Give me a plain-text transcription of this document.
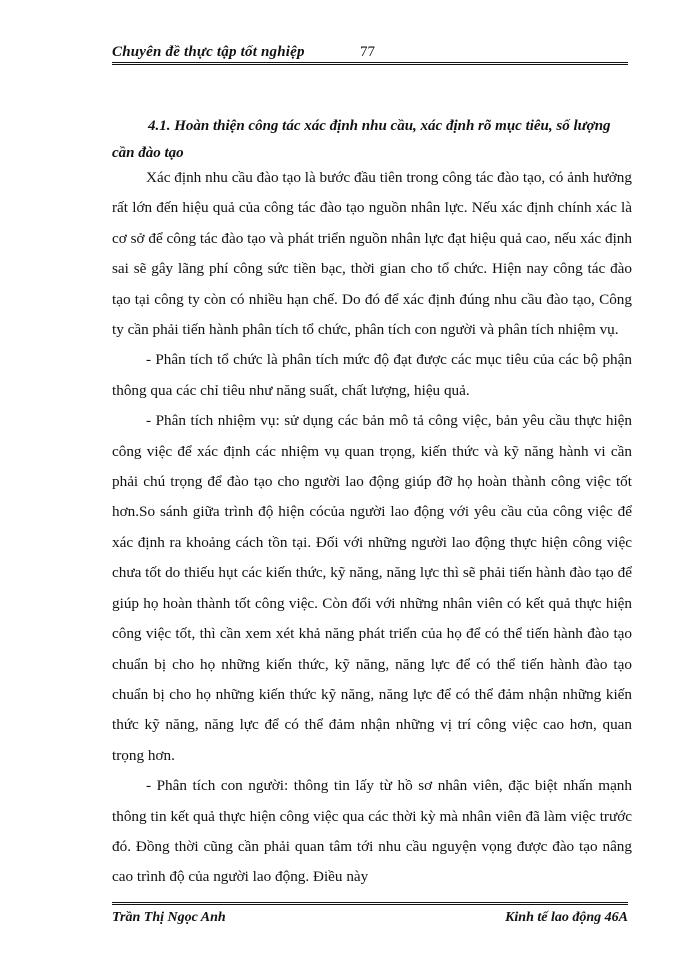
Chuyên đề thực tập tốt nghiệp	77
4.1. Hoàn thiện công tác xác định nhu cầu, xác định rõ mục tiêu, số lượng cần đào tạo

Xác định nhu cầu đào tạo là bước đầu tiên trong công tác đào tạo, có ảnh hưởng rất lớn đến hiệu quả của công tác đào tạo nguồn nhân lực. Nếu xác định chính xác là cơ sở để công tác đào tạo và phát triển nguồn nhân lực đạt hiệu quả cao, nếu xác định sai sẽ gây lãng phí công sức tiền bạc, thời gian cho tổ chức. Hiện nay công tác đào tạo tại công ty còn có nhiều hạn chế. Do đó để xác định đúng nhu cầu đào tạo, Công ty cần phải tiến hành phân tích tổ chức, phân tích con người và phân tích nhiệm vụ.

- Phân tích tổ chức là phân tích mức độ đạt được các mục tiêu của các bộ phận thông qua các chỉ tiêu như năng suất, chất lượng, hiệu quả.

- Phân tích nhiệm vụ: sử dụng các bản mô tả công việc, bản yêu cầu thực hiện công việc để xác định các nhiệm vụ quan trọng, kiến thức và kỹ năng hành vi cần phải chú trọng để đào tạo cho người lao động giúp đỡ họ hoàn thành công việc tốt hơn.So sánh giữa trình độ hiện cócủa người lao động với yêu cầu của công việc để xác định ra khoảng cách tồn tại. Đối với những người lao động thực hiện công việc chưa tốt do thiếu hụt các kiến thức, kỹ năng, năng lực thì sẽ phải tiến hành đào tạo để giúp họ hoàn thành tốt công việc. Còn đối với những nhân viên có kết quả thực hiện công việc tốt, thì cần xem xét khả năng phát triển của họ để có thể tiến hành đào tạo chuẩn bị cho họ những kiến thức, kỹ năng, năng lực để có thể tiến hành đào tạo chuẩn bị cho họ những kiến thức kỹ năng, năng lực để có thể đảm nhận những kiến thức kỹ năng, năng lực để có thể đảm nhận những vị trí công việc cao hơn, quan trọng hơn.

- Phân tích con người: thông tin lấy từ hồ sơ nhân viên, đặc biệt nhấn mạnh thông tin kết quả thực hiện công việc qua các thời kỳ mà nhân viên đã làm việc trước đó. Đồng thời cũng cần phải quan tâm tới nhu cầu nguyện vọng được đào tạo nâng cao trình độ của người lao động. Điều này

Trần Thị Ngọc Anh	Kinh tế lao động 46A
